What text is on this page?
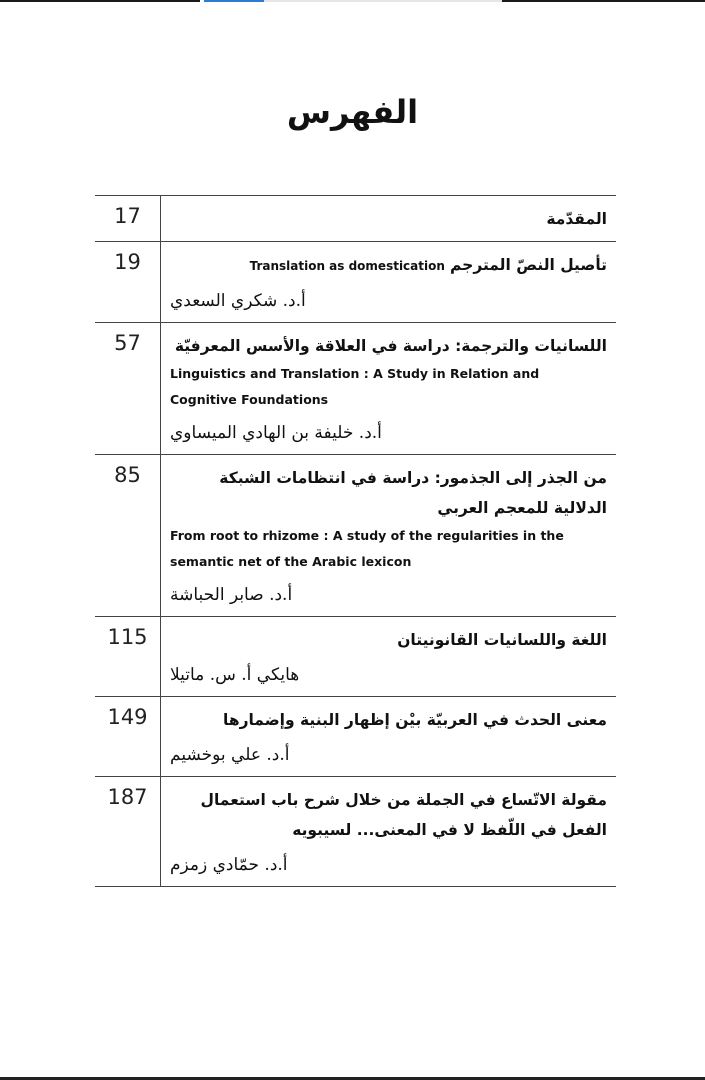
الفهرس
17	المقدّمة

19	تأصيل النصّ المترجم Translation as domestication
أ.د. شكري السعدي

57	اللسانيات والترجمة: دراسة في العلاقة والأسس المعرفيّة
Linguistics and Translation : A Study in Relation and Cognitive Foundations
أ.د. خليفة بن الهادي الميساوي

85	من الجذر إلى الجذمور: دراسة في انتظامات الشبكة الدلالية للمعجم العربي
From root to rhizome : A study of the regularities in the semantic net of the Arabic lexicon
أ.د. صابر الحباشة

115	اللغة واللسانيات القانونيتان
هايكي أ. س. ماتيلا

149	معنى الحدث في العربيّة بيْن إظهار البنية وإضمارها
أ.د. علي بوخشيم

187	مقولة الاتّساع في الجملة من خلال شرح باب استعمال الفعل في اللّفظ لا في المعنى... لسيبويه
أ.د. حمّادي زمزم
